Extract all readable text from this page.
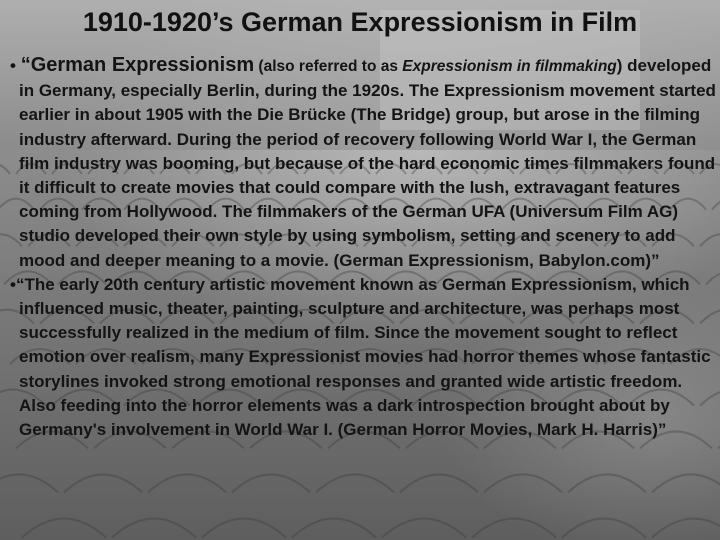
1910-1920’s German Expressionism in Film

• “German Expressionism (also referred to as Expressionism in filmmaking) developed in Germany, especially Berlin, during the 1920s. The Expressionism movement started earlier in about 1905 with the Die Brücke (The Bridge) group, but arose in the filming industry afterward. During the period of recovery following World War I, the German film industry was booming, but because of the hard economic times filmmakers found it difficult to create movies that could compare with the lush, extravagant features coming from Hollywood. The filmmakers of the German UFA (Universum Film AG) studio developed their own style by using symbolism, setting and scenery to add mood and deeper meaning to a movie. (German Expressionism, Babylon.com)”

•“The early 20th century artistic movement known as German Expressionism, which influenced music, theater, painting, sculpture and architecture, was perhaps most successfully realized in the medium of film. Since the movement sought to reflect emotion over realism, many Expressionist movies had horror themes whose fantastic storylines invoked strong emotional responses and granted wide artistic freedom. Also feeding into the horror elements was a dark introspection brought about by Germany's involvement in World War I. (German Horror Movies, Mark H. Harris)”
